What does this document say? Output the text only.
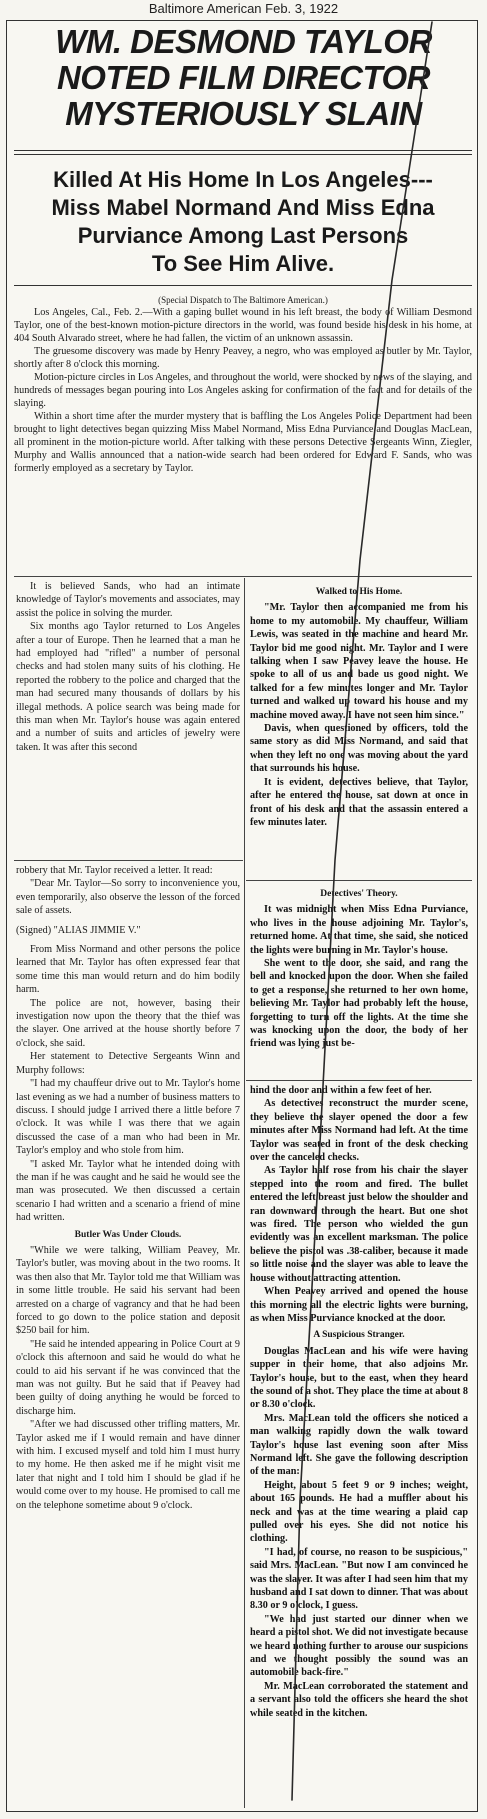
Baltimore American Feb. 3, 1922
WM. DESMOND TAYLOR
NOTED FILM DIRECTOR
MYSTERIOUSLY SLAIN
Killed At His Home In Los Angeles---
Miss Mabel Normand And Miss Edna
Purviance Among Last Persons
To See Him Alive.
(Special Dispatch to The Baltimore American.)

Los Angeles, Cal., Feb. 2.—With a gaping bullet wound in his left breast, the body of William Desmond Taylor, one of the best-known motion-picture directors in the world, was found beside his desk in his home, at 404 South Alvarado street, where he had fallen, the victim of an unknown assassin.

The gruesome discovery was made by Henry Peavey, a negro, who was employed as butler by Mr. Taylor, shortly after 8 o'clock this morning.

Motion-picture circles in Los Angeles, and throughout the world, were shocked by news of the slaying, and hundreds of messages began pouring into Los Angeles asking for confirmation of the fact and for details of the slaying.

Within a short time after the murder mystery that is baffling the Los Angeles Police Department had been brought to light detectives began quizzing Miss Mabel Normand, Miss Edna Purviance and Douglas MacLean, all prominent in the motion-picture world. After talking with these persons Detective Sergeants Winn, Ziegler, Murphy and Wallis announced that a nation-wide search had been ordered for Edward F. Sands, who was formerly employed as a secretary by Taylor.

It is believed Sands, who had an intimate knowledge of Taylor's movements and associates, may assist the police in solving the murder.

Six months ago Taylor returned to Los Angeles after a tour of Europe. Then he learned that a man he had employed had "rifled" a number of personal checks and had stolen many suits of his clothing. He reported the robbery to the police and charged that the man had secured many thousands of dollars by his illegal methods. A police search was being made for this man when Mr. Taylor's house was again entered and a number of suits and articles of jewelry were taken. It was after this second

Walked to His Home.

"Mr. Taylor then accompanied me from his home to my automobile. My chauffeur, William Lewis, was seated in the machine and heard Mr. Taylor bid me good night. Mr. Taylor and I were talking when I saw Peavey leave the house. He spoke to all of us and bade us good night. We talked for a few minutes longer and Mr. Taylor turned and walked up toward his house and my machine moved away. I have not seen him since."

Davis, when questioned by officers, told the same story as did Miss Normand, and said that when they left no one was moving about the yard that surrounds his house.

It is evident, detectives believe, that Taylor, after he entered the house, sat down at once in front of his desk and that the assassin entered a few minutes later.

robbery that Mr. Taylor received a letter. It read:

"Dear Mr. Taylor—So sorry to inconvenience you, even temporarily, also observe the lesson of the forced sale of assets.

(Signed) "ALIAS JIMMIE V."

From Miss Normand and other persons the police learned that Mr. Taylor has often expressed fear that some time this man would return and do him bodily harm.

The police are not, however, basing their investigation now upon the theory that the thief was the slayer. One arrived at the house shortly before 7 o'clock, she said.

Her statement to Detective Sergeants Winn and Murphy follows:

"I had my chauffeur drive out to Mr. Taylor's home last evening as we had a number of business matters to discuss. I should judge I arrived there a little before 7 o'clock. It was while I was there that we again discussed the case of a man who had been in Mr. Taylor's employ and who stole from him.

"I asked Mr. Taylor what he intended doing with the man if he was caught and he said he would see the man was prosecuted. We then discussed a certain scenario I had written and a scenario a friend of mine had written.

Butler Was Under Clouds.

"While we were talking, William Peavey, Mr. Taylor's butler, was moving about in the two rooms. It was then also that Mr. Taylor told me that William was in some little trouble. He said his servant had been arrested on a charge of vagrancy and that he had been forced to go down to the police station and deposit $250 bail for him.

"He said he intended appearing in Police Court at 9 o'clock this afternoon and said he would do what he could to aid his servant if he was convinced that the man was not guilty. But he said that if Peavey had been guilty of doing anything he would be forced to discharge him.

"After we had discussed other trifling matters, Mr. Taylor asked me if I would remain and have dinner with him. I excused myself and told him I must hurry to my home. He then asked me if he might visit me later that night and I told him I should be glad if he would come over to my house. He promised to call me on the telephone sometime about 9 o'clock.

Detectives' Theory.

It was midnight when Miss Edna Purviance, who lives in the house adjoining Mr. Taylor's, returned home. At that time, she said, she noticed the lights were burning in Mr. Taylor's house.

She went to the door, she said, and rang the bell and knocked upon the door. When she failed to get a response, she returned to her own home, believing Mr. Taylor had probably left the house, forgetting to turn off the lights. At the time she was knocking upon the door, the body of her friend was lying just be-

hind the door and within a few feet of her.

As detectives reconstruct the murder scene, they believe the slayer opened the door a few minutes after Miss Normand had left. At the time Taylor was seated in front of the desk checking over the canceled checks.

As Taylor half rose from his chair the slayer stepped into the room and fired. The bullet entered the left breast just below the shoulder and ran downward through the heart. But one shot was fired. The person who wielded the gun evidently was an excellent marksman. The police believe the pistol was .38-caliber, because it made so little noise and the slayer was able to leave the house without attracting attention.

When Peavey arrived and opened the house this morning all the electric lights were burning, as when Miss Purviance knocked at the door.

A Suspicious Stranger.

Douglas MacLean and his wife were having supper in their home, that also adjoins Mr. Taylor's house, but to the east, when they heard the sound of a shot. They place the time at about 8 or 8.30 o'clock.

Mrs. MacLean told the officers she noticed a man walking rapidly down the walk toward Taylor's house last evening soon after Miss Normand left. She gave the following description of the man:

Height, about 5 feet 9 or 9 inches; weight, about 165 pounds. He had a muffler about his neck and was at the time wearing a plaid cap pulled over his eyes. She did not notice his clothing.

"I had, of course, no reason to be suspicious," said Mrs. MacLean. "But now I am convinced he was the slayer. It was after I had seen him that my husband and I sat down to dinner. That was about 8.30 or 9 o'clock, I guess.

"We had just started our dinner when we heard a pistol shot. We did not investigate because we heard nothing further to arouse our suspicions and we thought possibly the sound was an automobile back-fire."

Mr. MacLean corroborated the statement and a servant also told the officers she heard the shot while seated in the kitchen.
